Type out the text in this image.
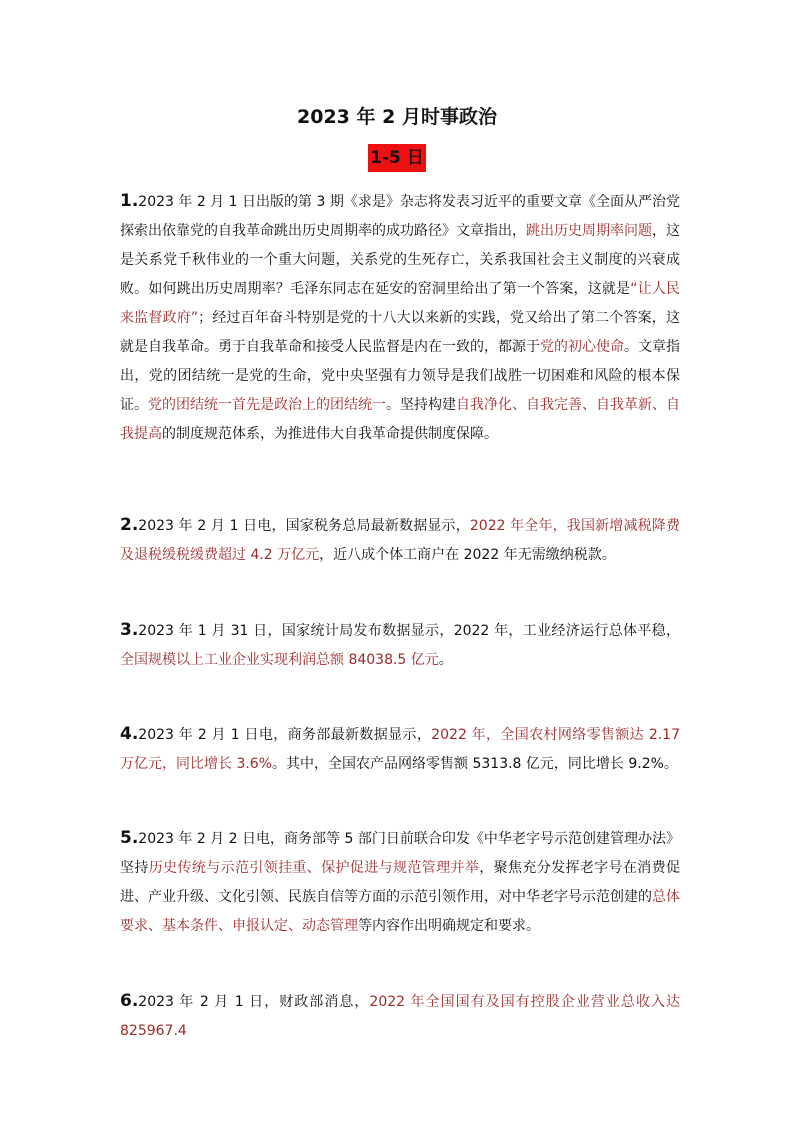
2023 年 2 月时事政治
1-5 日
1.2023 年 2 月 1 日出版的第 3 期《求是》杂志将发表习近平的重要文章《全面从严治党探索出依靠党的自我革命跳出历史周期率的成功路径》文章指出，跳出历史周期率问题，这是关系党千秋伟业的一个重大问题，关系党的生死存亡，关系我国社会主义制度的兴衰成败。如何跳出历史周期率？毛泽东同志在延安的窑洞里给出了第一个答案，这就是“让人民来监督政府”；经过百年奋斗特别是党的十八大以来新的实践，党又给出了第二个答案，这就是自我革命。勇于自我革命和接受人民监督是内在一致的，都源于党的初心使命。文章指出，党的团结统一是党的生命，党中央坚强有力领导是我们战胜一切困难和风险的根本保证。党的团结统一首先是政治上的团结统一。坚持构建自我净化、自我完善、自我革新、自我提高的制度规范体系，为推进伟大自我革命提供制度保障。
2.2023 年 2 月 1 日电，国家税务总局最新数据显示，2022 年全年，我国新增减税降费及退税缓税缓费超过 4.2 万亿元，近八成个体工商户在 2022 年无需缴纳税款。
3.2023 年 1 月 31 日，国家统计局发布数据显示，2022 年，工业经济运行总体平稳，全国规模以上工业企业实现利润总额 84038.5 亿元。
4.2023 年 2 月 1 日电，商务部最新数据显示，2022 年，全国农村网络零售额达 2.17 万亿元，同比增长 3.6%。其中，全国农产品网络零售额 5313.8 亿元，同比增长 9.2%。
5.2023 年 2 月 2 日电，商务部等 5 部门日前联合印发《中华老字号示范创建管理办法》坚持历史传统与示范引领挂重、保护促进与规范管理并举，聚焦充分发挥老字号在消费促进、产业升级、文化引领、民族自信等方面的示范引领作用，对中华老字号示范创建的总体要求、基本条件、申报认定、动态管理等内容作出明确规定和要求。
6.2023 年 2 月 1 日，财政部消息，2022 年全国国有及国有控股企业营业总收入达 825967.4
